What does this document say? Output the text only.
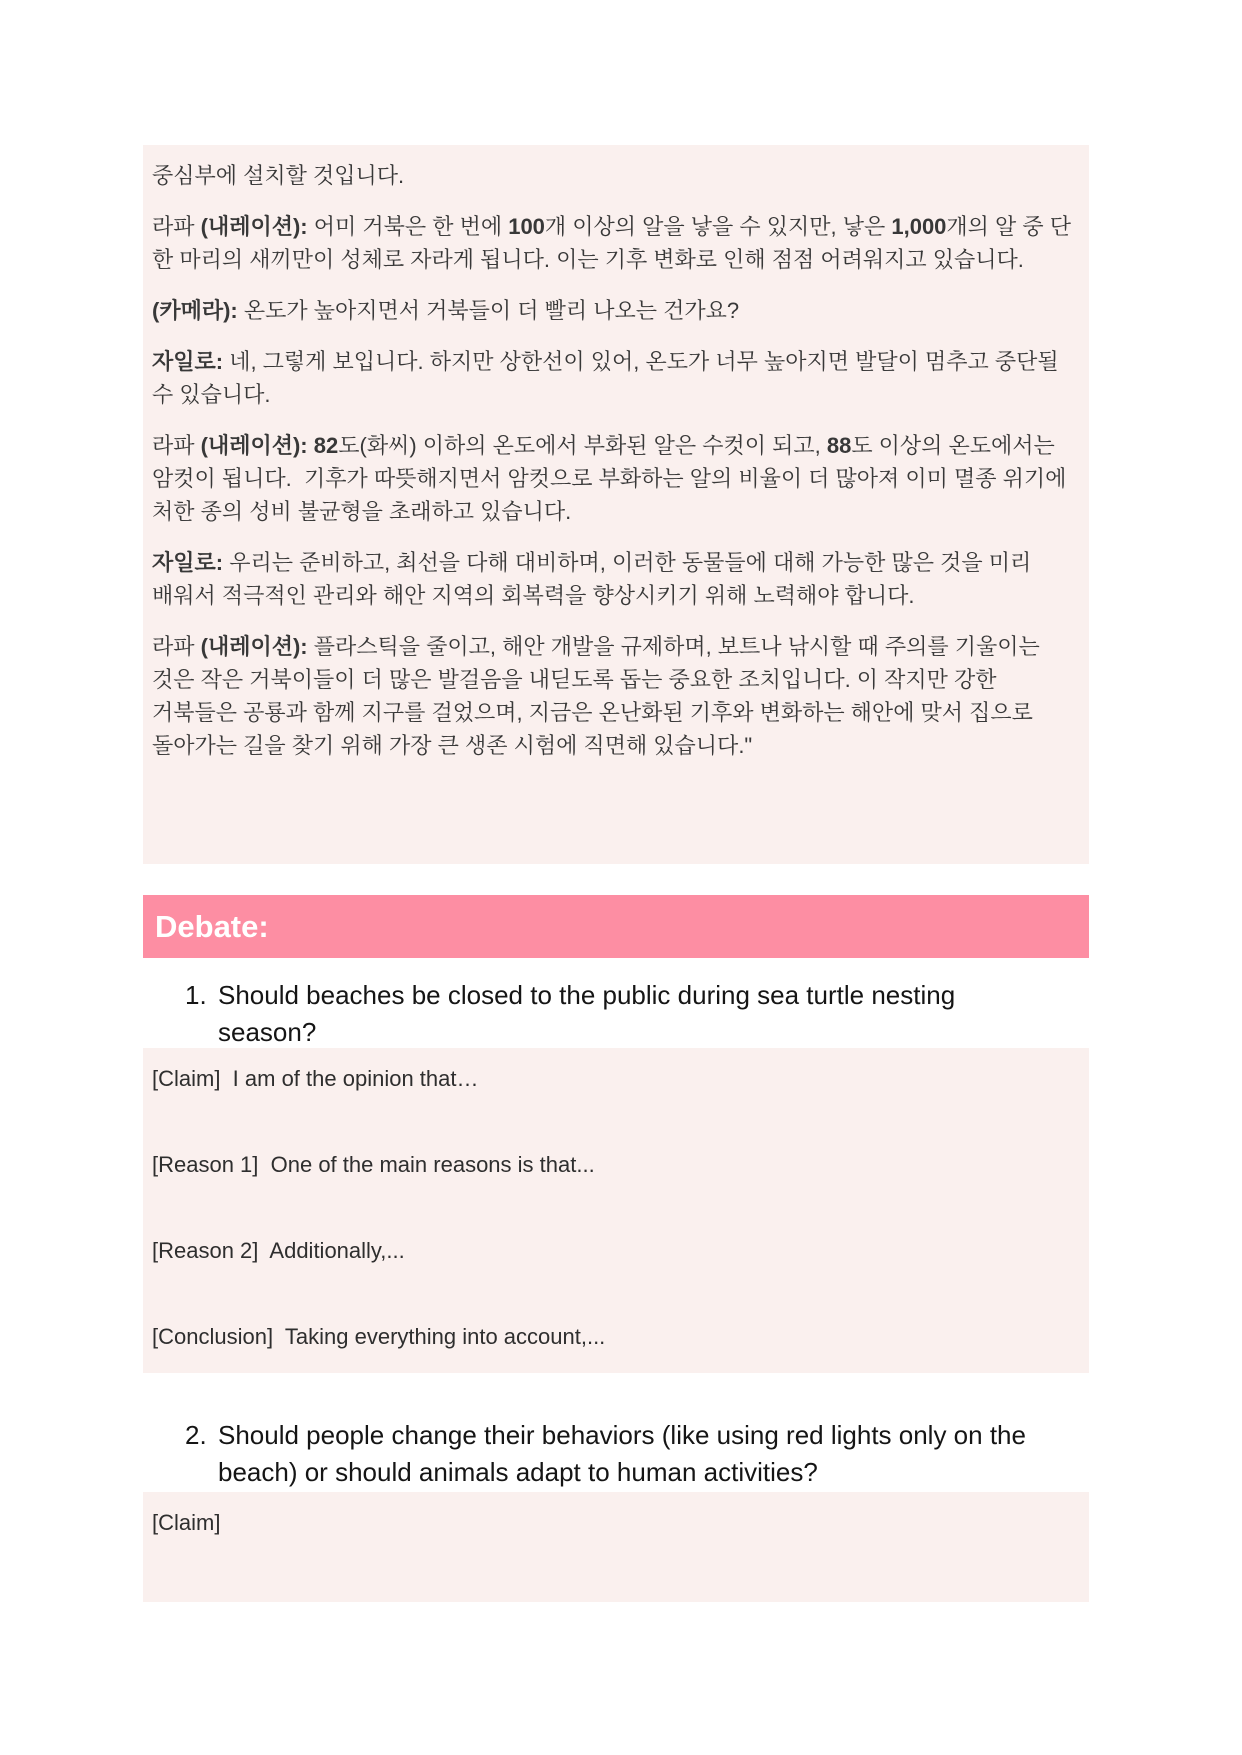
중심부에 설치할 것입니다.

라파 (내레이션): 어미 거북은 한 번에 100개 이상의 알을 낳을 수 있지만, 낳은 1,000개의 알 중 단 한 마리의 새끼만이 성체로 자라게 됩니다. 이는 기후 변화로 인해 점점 어려워지고 있습니다.

(카메라): 온도가 높아지면서 거북들이 더 빨리 나오는 건가요?

자일로: 네, 그렇게 보입니다. 하지만 상한선이 있어, 온도가 너무 높아지면 발달이 멈추고 중단될 수 있습니다.

라파 (내레이션): 82도(화씨) 이하의 온도에서 부화된 알은 수컷이 되고, 88도 이상의 온도에서는 암컷이 됩니다.  기후가 따뜻해지면서 암컷으로 부화하는 알의 비율이 더 많아져 이미 멸종 위기에 처한 종의 성비 불균형을 초래하고 있습니다.

자일로: 우리는 준비하고, 최선을 다해 대비하며, 이러한 동물들에 대해 가능한 많은 것을 미리 배워서 적극적인 관리와 해안 지역의 회복력을 향상시키기 위해 노력해야 합니다.

라파 (내레이션): 플라스틱을 줄이고, 해안 개발을 규제하며, 보트나 낚시할 때 주의를 기울이는 것은 작은 거북이들이 더 많은 발걸음을 내딛도록 돕는 중요한 조치입니다. 이 작지만 강한 거북들은 공룡과 함께 지구를 걸었으며, 지금은 온난화된 기후와 변화하는 해안에 맞서 집으로 돌아가는 길을 찾기 위해 가장 큰 생존 시험에 직면해 있습니다."

Debate:
1. Should beaches be closed to the public during sea turtle nesting season?

[Claim]  I am of the opinion that…

[Reason 1]  One of the main reasons is that...

[Reason 2]  Additionally,...

[Conclusion]  Taking everything into account,...

2. Should people change their behaviors (like using red lights only on the beach) or should animals adapt to human activities?

[Claim]
